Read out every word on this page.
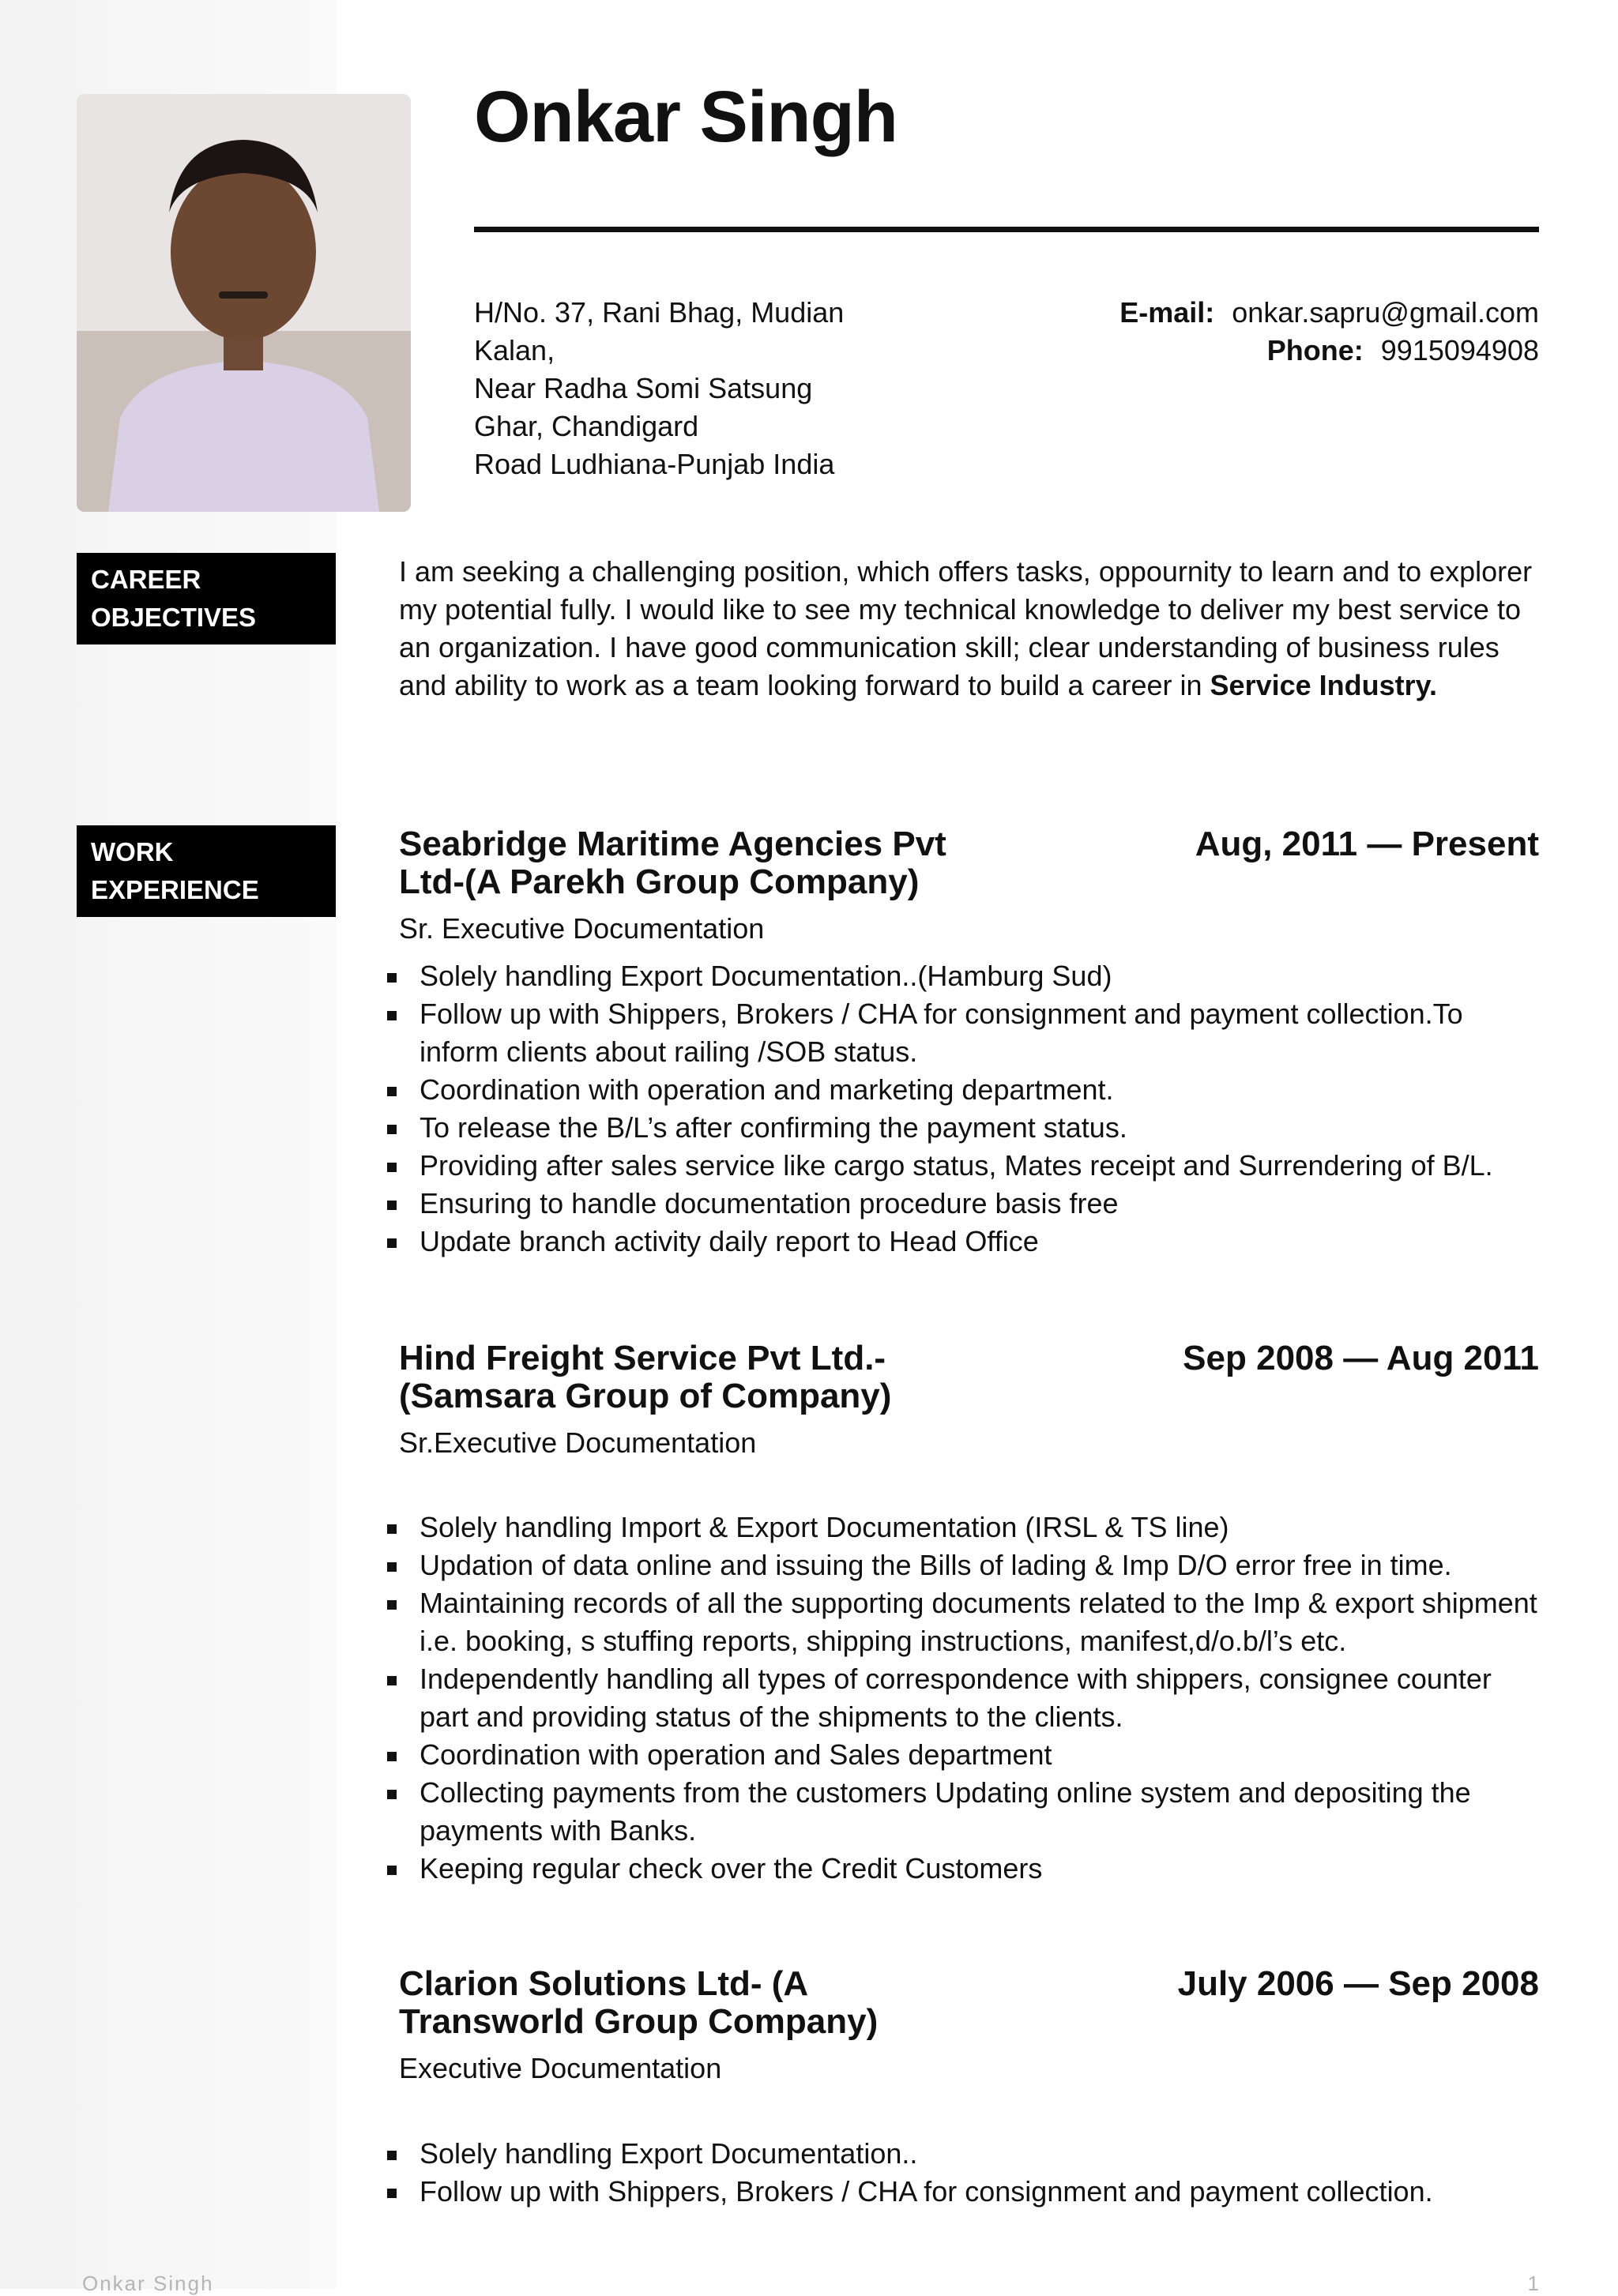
Onkar Singh
H/No. 37, Rani Bhag, Mudian
Kalan,
Near Radha Somi Satsung
Ghar, Chandigard
Road Ludhiana-Punjab India
E-mail: onkar.sapru@gmail.com
Phone: 9915094908
CAREER
OBJECTIVES
I am seeking a challenging position, which offers tasks, oppournity to learn and to explorer my potential fully. I would like to see my technical knowledge to deliver my best service to an organization. I have good communication skill; clear understanding of business rules and ability to work as a team looking forward to build a career in Service Industry.
WORK
EXPERIENCE
Seabridge Maritime Agencies Pvt Ltd-(A Parekh Group Company)
Aug, 2011 — Present
Sr. Executive Documentation
Solely handling Export Documentation..(Hamburg Sud)
Follow up with Shippers, Brokers / CHA for consignment and payment collection.To inform clients about railing /SOB status.
Coordination with operation and marketing department.
To release the B/L’s after confirming the payment status.
Providing after sales service like cargo status, Mates receipt and Surrendering of B/L.
Ensuring to handle documentation procedure basis free
Update branch activity daily report to Head Office
Hind Freight Service Pvt Ltd.- (Samsara Group of Company)
Sep 2008 — Aug 2011
Sr.Executive Documentation
Solely handling Import & Export Documentation (IRSL & TS line)
Updation of data online and issuing the Bills of lading & Imp D/O error free in time.
Maintaining records of all the supporting documents related to the Imp & export shipment i.e. booking, s stuffing reports, shipping instructions, manifest,d/o.b/l’s etc.
Independently handling all types of correspondence with shippers, consignee counter part and providing status of the shipments to the clients.
Coordination with operation and Sales department
Collecting payments from the customers Updating online system and depositing the payments with Banks.
Keeping regular check over the Credit Customers
Clarion Solutions Ltd- (A Transworld Group Company)
July 2006 — Sep 2008
Executive Documentation
Solely handling Export Documentation..
Follow up with Shippers, Brokers / CHA for consignment and payment collection.
Onkar Singh	1
